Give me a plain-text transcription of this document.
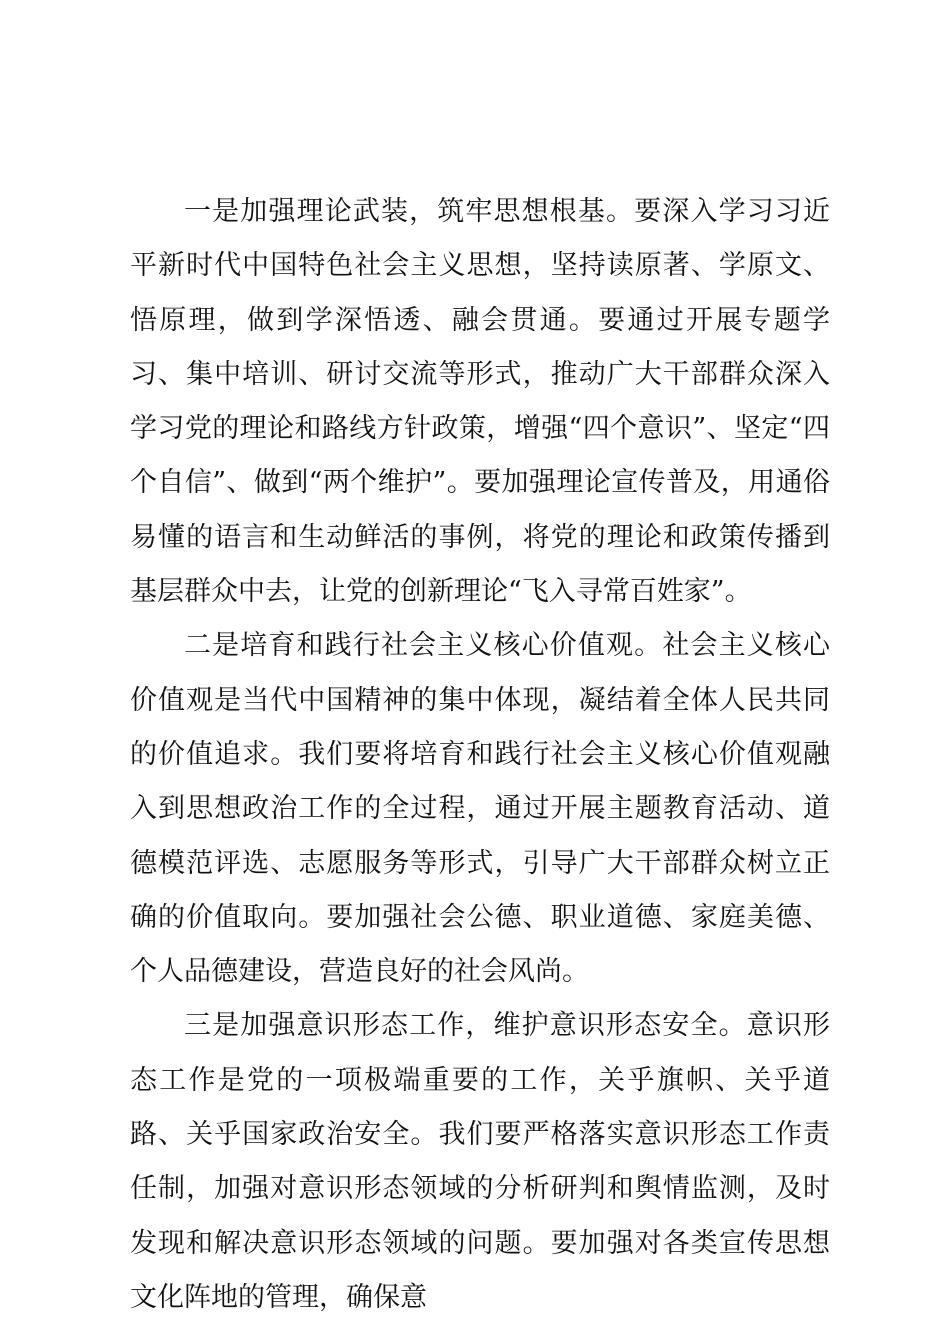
一是加强理论武装，筑牢思想根基。要深入学习习近平新时代中国特色社会主义思想，坚持读原著、学原文、悟原理，做到学深悟透、融会贯通。要通过开展专题学习、集中培训、研讨交流等形式，推动广大干部群众深入学习党的理论和路线方针政策，增强“四个意识”、坚定“四个自信”、做到“两个维护”。要加强理论宣传普及，用通俗易懂的语言和生动鲜活的事例，将党的理论和政策传播到基层群众中去，让党的创新理论“飞入寻常百姓家”。

二是培育和践行社会主义核心价值观。社会主义核心价值观是当代中国精神的集中体现，凝结着全体人民共同的价值追求。我们要将培育和践行社会主义核心价值观融入到思想政治工作的全过程，通过开展主题教育活动、道德模范评选、志愿服务等形式，引导广大干部群众树立正确的价值取向。要加强社会公德、职业道德、家庭美德、个人品德建设，营造良好的社会风尚。

三是加强意识形态工作，维护意识形态安全。意识形态工作是党的一项极端重要的工作，关乎旗帜、关乎道路、关乎国家政治安全。我们要严格落实意识形态工作责任制，加强对意识形态领域的分析研判和舆情监测，及时发现和解决意识形态领域的问题。要加强对各类宣传思想文化阵地的管理，确保意
